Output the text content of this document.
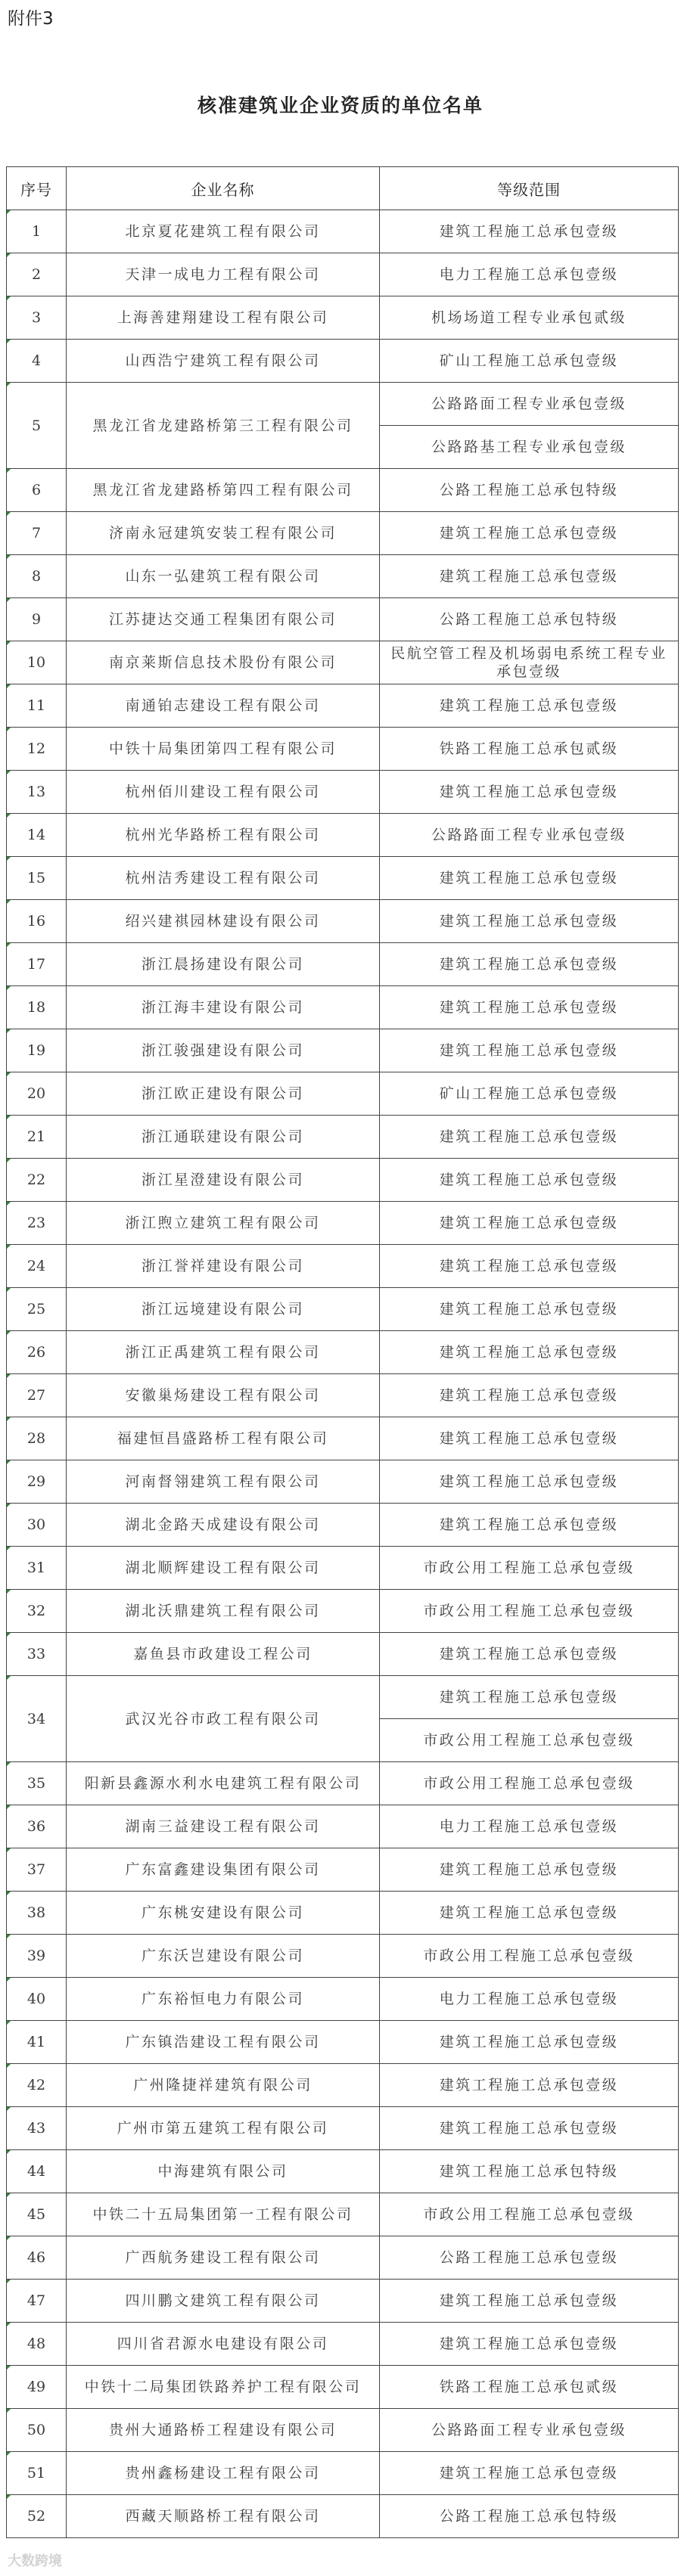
附件3
核准建筑业企业资质的单位名单
序号	企业名称	等级范围
1	北京夏花建筑工程有限公司	建筑工程施工总承包壹级
2	天津一成电力工程有限公司	电力工程施工总承包壹级
3	上海善建翔建设工程有限公司	机场场道工程专业承包贰级
4	山西浩宁建筑工程有限公司	矿山工程施工总承包壹级
5	黑龙江省龙建路桥第三工程有限公司	公路路面工程专业承包壹级
		公路路基工程专业承包壹级
6	黑龙江省龙建路桥第四工程有限公司	公路工程施工总承包特级
7	济南永冠建筑安装工程有限公司	建筑工程施工总承包壹级
8	山东一弘建筑工程有限公司	建筑工程施工总承包壹级
9	江苏捷达交通工程集团有限公司	公路工程施工总承包特级
10	南京莱斯信息技术股份有限公司	民航空管工程及机场弱电系统工程专业承包壹级
11	南通铂志建设工程有限公司	建筑工程施工总承包壹级
12	中铁十局集团第四工程有限公司	铁路工程施工总承包贰级
13	杭州佰川建设工程有限公司	建筑工程施工总承包壹级
14	杭州光华路桥工程有限公司	公路路面工程专业承包壹级
15	杭州洁秀建设工程有限公司	建筑工程施工总承包壹级
16	绍兴建祺园林建设有限公司	建筑工程施工总承包壹级
17	浙江晨扬建设有限公司	建筑工程施工总承包壹级
18	浙江海丰建设有限公司	建筑工程施工总承包壹级
19	浙江骏强建设有限公司	建筑工程施工总承包壹级
20	浙江欧正建设有限公司	矿山工程施工总承包壹级
21	浙江通联建设有限公司	建筑工程施工总承包壹级
22	浙江星澄建设有限公司	建筑工程施工总承包壹级
23	浙江煦立建筑工程有限公司	建筑工程施工总承包壹级
24	浙江誉祥建设有限公司	建筑工程施工总承包壹级
25	浙江远境建设有限公司	建筑工程施工总承包壹级
26	浙江正禹建筑工程有限公司	建筑工程施工总承包壹级
27	安徽巢炀建设工程有限公司	建筑工程施工总承包壹级
28	福建恒昌盛路桥工程有限公司	建筑工程施工总承包壹级
29	河南督翎建筑工程有限公司	建筑工程施工总承包壹级
30	湖北金路天成建设有限公司	建筑工程施工总承包壹级
31	湖北顺辉建设工程有限公司	市政公用工程施工总承包壹级
32	湖北沃鼎建筑工程有限公司	市政公用工程施工总承包壹级
33	嘉鱼县市政建设工程公司	建筑工程施工总承包壹级
34	武汉光谷市政工程有限公司	建筑工程施工总承包壹级
		市政公用工程施工总承包壹级
35	阳新县鑫源水利水电建筑工程有限公司	市政公用工程施工总承包壹级
36	湖南三益建设工程有限公司	电力工程施工总承包壹级
37	广东富鑫建设集团有限公司	建筑工程施工总承包壹级
38	广东桃安建设有限公司	建筑工程施工总承包壹级
39	广东沃岂建设有限公司	市政公用工程施工总承包壹级
40	广东裕恒电力有限公司	电力工程施工总承包壹级
41	广东镇浩建设工程有限公司	建筑工程施工总承包壹级
42	广州隆捷祥建筑有限公司	建筑工程施工总承包壹级
43	广州市第五建筑工程有限公司	建筑工程施工总承包壹级
44	中海建筑有限公司	建筑工程施工总承包特级
45	中铁二十五局集团第一工程有限公司	市政公用工程施工总承包壹级
46	广西航务建设工程有限公司	公路工程施工总承包壹级
47	四川鹏文建筑工程有限公司	建筑工程施工总承包壹级
48	四川省君源水电建设有限公司	建筑工程施工总承包壹级
49	中铁十二局集团铁路养护工程有限公司	铁路工程施工总承包贰级
50	贵州大通路桥工程建设有限公司	公路路面工程专业承包壹级
51	贵州鑫杨建设工程有限公司	建筑工程施工总承包壹级
52	西藏天顺路桥工程有限公司	公路工程施工总承包特级
大数跨境
